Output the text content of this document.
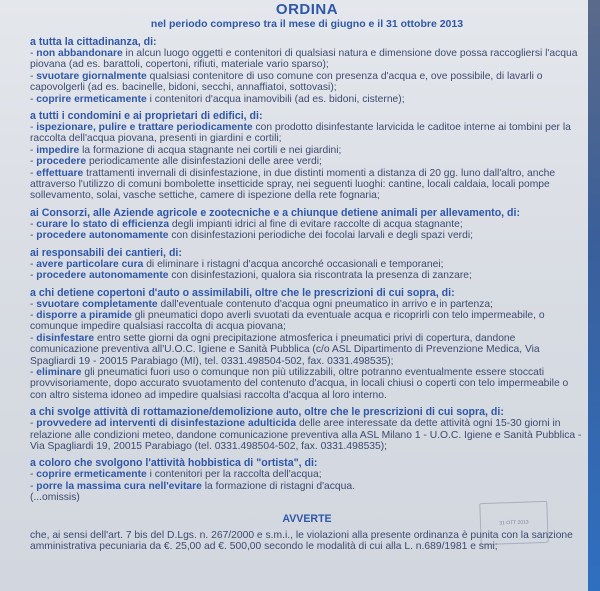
ORDINA
nel periodo compreso tra il mese di giugno e il 31 ottobre 2013
a tutta la cittadinanza, di:
- non abbandonare in alcun luogo oggetti e contenitori di qualsiasi natura e dimensione dove possa raccogliersi l'acqua piovana (ad es. barattoli, copertoni, rifiuti, materiale vario sparso);
- svuotare giornalmente qualsiasi contenitore di uso comune con presenza d'acqua e, ove possibile, di lavarli o capovolgerli (ad es. bacinelle, bidoni, secchi, annaffiatoi, sottovasi);
- coprire ermeticamente i contenitori d'acqua inamovibili (ad es. bidoni, cisterne);
a tutti i condomini e ai proprietari di edifici, di:
- ispezionare, pulire e trattare periodicamente con prodotto disinfestante larvicida le caditoe interne ai tombini per la raccolta dell'acqua piovana, presenti in giardini e cortili;
- impedire la formazione di acqua stagnante nei cortili e nei giardini;
- procedere periodicamente alle disinfestazioni delle aree verdi;
- effettuare trattamenti invernali di disinfestazione, in due distinti momenti a distanza di 20 gg. luno dall'altro, anche attraverso l'utilizzo di comuni bombolette insetticide spray, nei seguenti luoghi: cantine, locali caldaia, locali pompe sollevamento, solai, vasche settiche, camere di ispezione della rete fognaria;
ai Consorzi, alle Aziende agricole e zootecniche e a chiunque detiene animali per allevamento, di:
- curare lo stato di efficienza degli impianti idrici al fine di evitare raccolte di acqua stagnante;
- procedere autonomamente con disinfestazioni periodiche dei focolai larvali e degli spazi verdi;
ai responsabili dei cantieri, di:
- avere particolare cura di eliminare i ristagni d'acqua ancorché occasionali e temporanei;
- procedere autonomamente con disinfestazioni, qualora sia riscontrata la presenza di zanzare;
a chi detiene copertoni d'auto o assimilabili, oltre che le prescrizioni di cui sopra, di:
- svuotare completamente dall'eventuale contenuto d'acqua ogni pneumatico in arrivo e in partenza;
- disporre a piramide gli pneumatici dopo averli svuotati da eventuale acqua e ricoprirli con telo impermeabile, o comunque impedire qualsiasi raccolta di acqua piovana;
- disinfestare entro sette giorni da ogni precipitazione atmosferica i pneumatici privi di copertura, dandone comunicazione preventiva all'U.O.C. Igiene e Sanità Pubblica (c/o ASL Dipartimento di Prevenzione Medica, Via Spagliardi 19 - 20015 Parabiago (MI), tel. 0331.498504-502, fax. 0331.498535);
- eliminare gli pneumatici fuori uso o comunque non più utilizzabili, oltre potranno eventualmente essere stoccati provvisoriamente, dopo accurato svuotamento del contenuto d'acqua, in locali chiusi o coperti con telo impermeabile o con altro sistema idoneo ad impedire qualsiasi raccolta d'acqua al loro interno.
a chi svolge attività di rottamazione/demolizione auto, oltre che le prescrizioni di cui sopra, di:
- provvedere ad interventi di disinfestazione adulticida delle aree interessate da dette attività ogni 15-30 giorni in relazione alle condizioni meteo, dandone comunicazione preventiva alla ASL Milano 1 - U.O.C. Igiene e Sanità Pubblica - Via Spagliardi 19, 20015 Parabiago (tel. 0331.498504-502, fax. 0331.498535);
a coloro che svolgono l'attività hobbistica di "ortista", di:
- coprire ermeticamente i contenitori per la raccolta dell'acqua;
- porre la massima cura nell'evitare la formazione di ristagni d'acqua.
(...omissis)
AVVERTE
che, ai sensi dell'art. 7 bis del D.Lgs. n. 267/2000 e s.m.i., le violazioni alla presente ordinanza è punita con la sanzione amministrativa pecuniaria da €. 25,00 ad €. 500,00 secondo le modalità di cui alla L. n.689/1981 e smi;
31 OTT 2013
